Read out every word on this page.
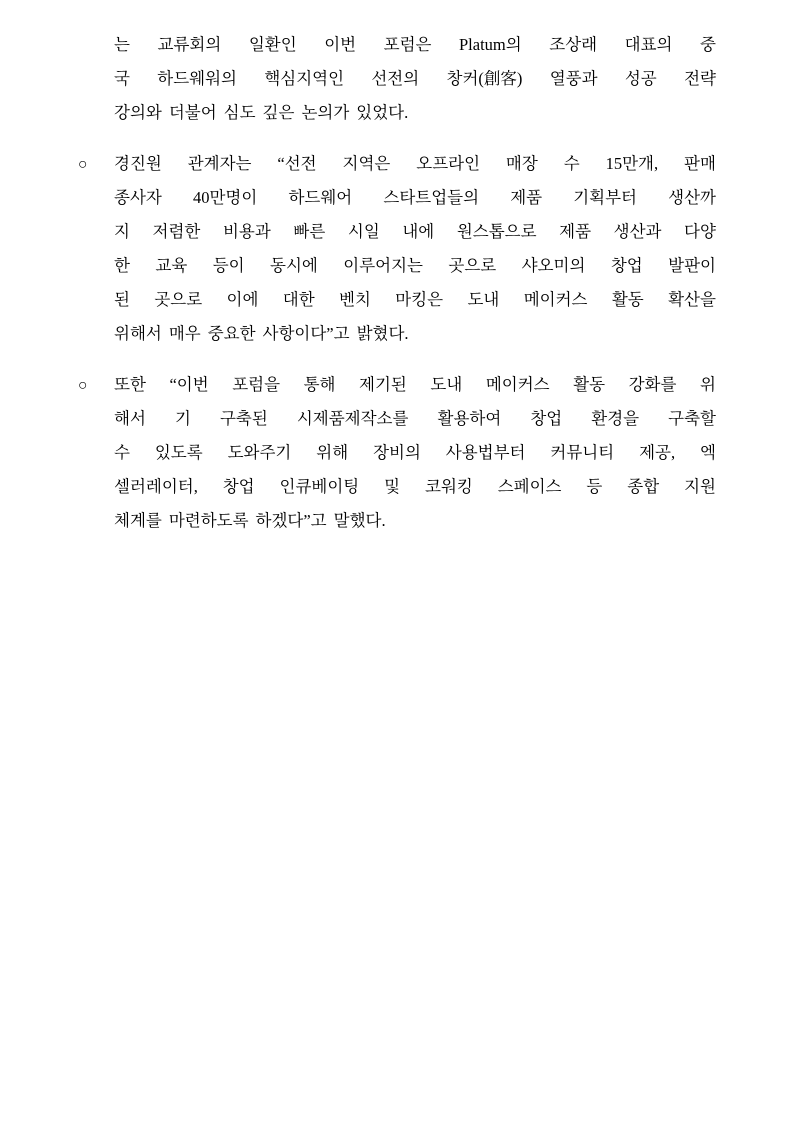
는 교류회의 일환인 이번 포럼은 Platum의 조상래 대표의 중
국 하드웨워의 핵심지역인 선전의 창커(創客) 열풍과 성공 전략
강의와 더불어 심도 깊은 논의가 있었다.
○ 경진원 관계자는 “선전 지역은 오프라인 매장 수 15만개, 판매
종사자 40만명이 하드웨어 스타트업들의 제품 기획부터 생산까
지 저렴한 비용과 빠른 시일 내에 원스톱으로 제품 생산과 다양
한 교육 등이 동시에 이루어지는 곳으로 샤오미의 창업 발판이
된 곳으로 이에 대한 벤치 마킹은 도내 메이커스 활동 확산을
위해서 매우 중요한 사항이다”고 밝혔다.
○ 또한 “이번 포럼을 통해 제기된 도내 메이커스 활동 강화를 위
해서 기 구축된 시제품제작소를 활용하여 창업 환경을 구축할
수 있도록 도와주기 위해 장비의 사용법부터 커뮤니티 제공, 엑
셀러레이터, 창업 인큐베이팅 및 코워킹 스페이스 등 종합 지원
체계를 마련하도록 하겠다”고 말했다.
